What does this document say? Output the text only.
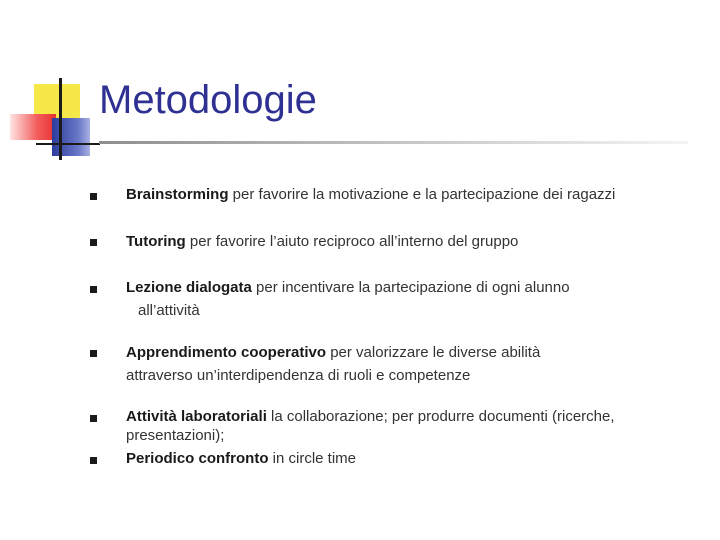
Metodologie
Brainstorming per favorire la motivazione e la partecipazione dei ragazzi
Tutoring per favorire l’aiuto reciproco all’interno del gruppo
Lezione dialogata per incentivare la partecipazione di ogni alunno
all’attività
Apprendimento cooperativo per valorizzare le diverse abilità
attraverso un’interdipendenza di ruoli e competenze
Attività laboratoriali la collaborazione; per produrre documenti (ricerche,
presentazioni);
Periodico confronto in circle time
